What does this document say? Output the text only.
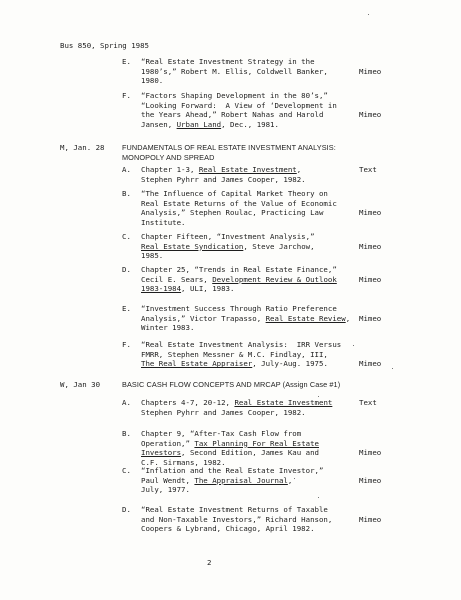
Bus 850, Spring 1985
E. “Real Estate Investment Strategy in the
1980’s,” Robert M. Ellis, Coldwell Banker,
1980.
Mimeo
F. “Factors Shaping Development in the 80’s,”
“Looking Forward:  A View of ‘Development in
the Years Ahead,” Robert Nahas and Harold
Jansen, Urban Land, Dec., 1981.
Mimeo
M, Jan. 28 FUNDAMENTALS OF REAL ESTATE INVESTMENT ANALYSIS:
MONOPOLY AND SPREAD
A. Chapter 1-3, Real Estate Investment,
Stephen Pyhrr and James Cooper, 1982.
Text
B. “The Influence of Capital Market Theory on
Real Estate Returns of the Value of Economic
Analysis,” Stephen Roulac, Practicing Law
Institute.
Mimeo
C. Chapter Fifteen, “Investment Analysis,”
Real Estate Syndication, Steve Jarchow,
1985.
Mimeo
D. Chapter 25, “Trends in Real Estate Finance,”
Cecil E. Sears, Development Review & Outlook
1983-1984, ULI, 1983.
Mimeo
E. “Investment Success Through Ratio Preference
Analysis,” Victor Trapasso, Real Estate Review,
Winter 1983.
Mimeo
F. “Real Estate Investment Analysis:  IRR Versus
FMRR, Stephen Messner & M.C. Findlay, III,
The Real Estate Appraiser, July-Aug. 1975.	Mimeo
W, Jan 30	BASIC CASH FLOW CONCEPTS AND MRCAP (Assign Case #1)
A. Chapters 4-7, 20-12, Real Estate Investment
Stephen Pyhrr and James Cooper, 1982.
Text
B. Chapter 9, “After-Tax Cash Flow from
Operation,” Tax Planning For Real Estate
Investors, Second Edition, James Kau and
C.F. Sirmans, 1982.
Mimeo
C. “Inflation and the Real Estate Investor,”
Paul Wendt, The Appraisal Journal,
July, 1977.
Mimeo
D. “Real Estate Investment Returns of Taxable
and Non-Taxable Investors,” Richard Hanson,
Coopers & Lybrand, Chicago, April 1982.
Mimeo
2
